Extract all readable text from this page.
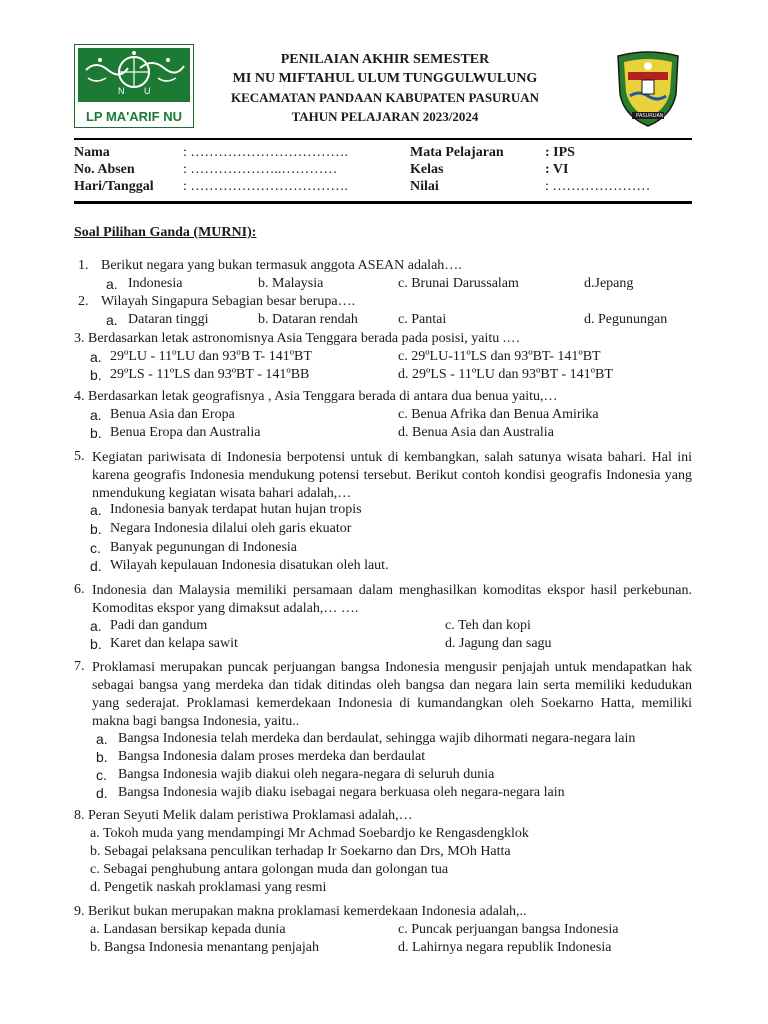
N U
LP MA'ARIF NU
PENILAIAN AKHIR SEMESTER
MI NU MIFTAHUL ULUM TUNGGULWULUNG
KECAMATAN PANDAAN KABUPATEN PASURUAN
TAHUN PELAJARAN 2023/2024	PASURUAN
Nama	: …………………………….
No. Absen	: ………………..…………
Hari/Tanggal : …………………………….
Mata Pelajaran	: IPS
Kelas	: VI
Nilai	: …………………
Soal Pilihan Ganda (MURNI):
1. Berikut negara yang bukan termasuk anggota ASEAN adalah….
a. Indonesia	b. Malaysia	c. Brunai Darussalam	d.Jepang
2. Wilayah Singapura Sebagian besar berupa….
a. Dataran tinggi	b. Dataran rendah	c. Pantai	d. Pegunungan
3. Berdasarkan letak astronomisnya Asia Tenggara berada pada posisi, yaitu .…
a. 29ºLU - 11ºLU dan 93ºB T- 141ºBT
b. 29ºLS - 11ºLS dan 93ºBT - 141ºBB
c. 29ºLU-11ºLS dan 93ºBT- 141ºBT
d. 29ºLS - 11ºLU dan 93ºBT - 141ºBT
4. Berdasarkan letak geografisnya , Asia Tenggara berada di antara dua benua yaitu,…
a. Benua Asia dan Eropa
b. Benua Eropa dan Australia
c. Benua Afrika dan Benua Amirika
d. Benua Asia dan Australia
5. Kegiatan pariwisata di Indonesia berpotensi untuk di kembangkan, salah satunya wisata bahari. Hal ini karena geografis Indonesia mendukung potensi tersebut. Berikut contoh kondisi geografis Indonesia yang nmendukung kegiatan wisata bahari adalah,…
a. Indonesia banyak terdapat hutan hujan tropis
b. Negara Indonesia dilalui oleh garis ekuator
c. Banyak pegunungan di Indonesia
d. Wilayah kepulauan Indonesia disatukan oleh laut.
6. Indonesia dan Malaysia memiliki persamaan dalam menghasilkan komoditas ekspor hasil perkebunan. Komoditas ekspor yang dimaksut adalah,… ….
a. Padi dan gandum
b. Karet dan kelapa sawit
c. Teh dan kopi
d. Jagung dan sagu
7. Proklamasi merupakan puncak perjuangan bangsa Indonesia mengusir penjajah untuk mendapatkan hak sebagai bangsa yang merdeka dan tidak ditindas oleh bangsa dan negara lain serta memiliki kedudukan yang sederajat. Proklamasi kemerdekaan Indonesia di kumandangkan oleh Soekarno Hatta, memiliki makna bagi bangsa Indonesia, yaitu..
a. Bangsa Indonesia telah merdeka dan berdaulat, sehingga wajib dihormati negara-negara lain
b. Bangsa Indonesia dalam proses merdeka dan berdaulat
c. Bangsa Indonesia wajib diakui oleh negara-negara di seluruh dunia
d. Bangsa Indonesia wajib diaku isebagai negara berkuasa oleh negara-negara lain
8. Peran Seyuti Melik dalam peristiwa Proklamasi adalah,…
a. Tokoh muda yang mendampingi Mr Achmad Soebardjo ke Rengasdengklok
b. Sebagai pelaksana penculikan terhadap Ir Soekarno dan Drs, MOh Hatta
c. Sebagai penghubung antara golongan muda dan golongan tua
d. Pengetik naskah proklamasi yang resmi
9. Berikut bukan merupakan makna proklamasi kemerdekaan Indonesia adalah,..
a. Landasan bersikap kepada dunia
b. Bangsa Indonesia menantang penjajah
c. Puncak perjuangan bangsa Indonesia
d. Lahirnya negara republik Indonesia
